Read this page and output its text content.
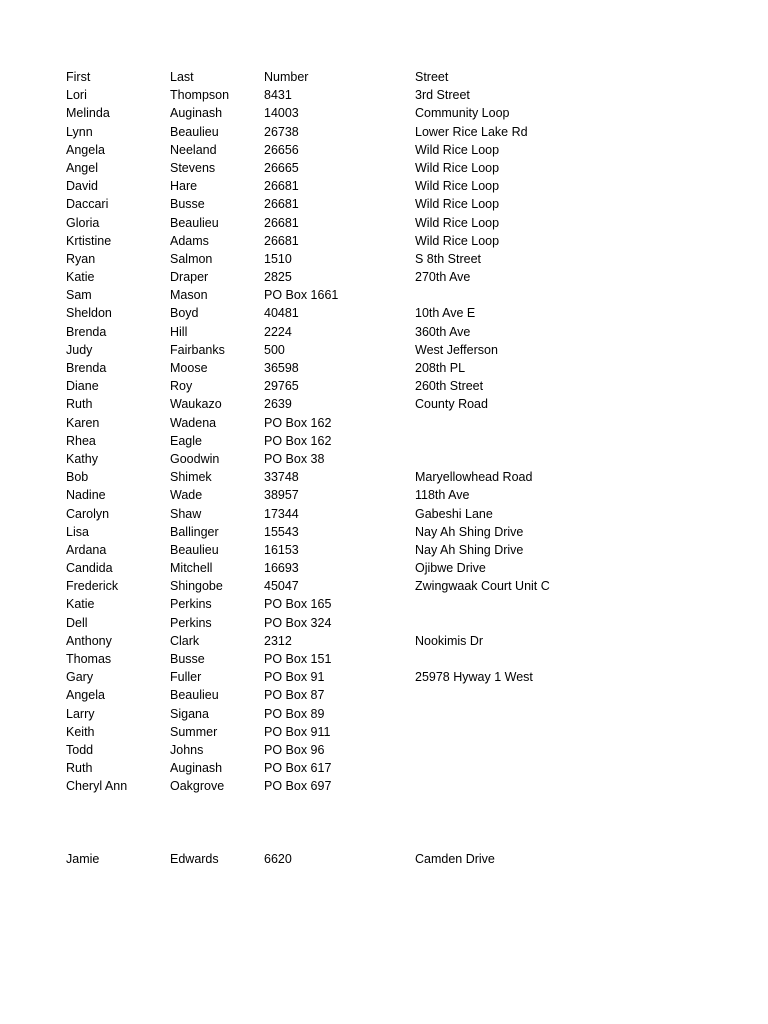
First	Last	Number	Street
Lori	Thompson	8431	3rd Street
Melinda	Auginash	14003	Community Loop
Lynn	Beaulieu	26738	Lower Rice Lake Rd
Angela	Neeland	26656	Wild Rice Loop
Angel	Stevens	26665	Wild Rice Loop
David	Hare	26681	Wild Rice Loop
Daccari	Busse	26681	Wild Rice Loop
Gloria	Beaulieu	26681	Wild Rice Loop
Krtistine	Adams	26681	Wild Rice Loop
Ryan	Salmon	1510	S 8th Street
Katie	Draper	2825	270th Ave
Sam	Mason	PO Box 1661
Sheldon	Boyd	40481	10th Ave E
Brenda	Hill	2224	360th Ave
Judy	Fairbanks	500	West Jefferson
Brenda	Moose	36598	208th PL
Diane	Roy	29765	260th Street
Ruth	Waukazo	2639	County Road
Karen	Wadena	PO Box 162
Rhea	Eagle	PO Box 162
Kathy	Goodwin	PO Box 38
Bob	Shimek	33748	Maryellowhead Road
Nadine	Wade	38957	118th Ave
Carolyn	Shaw	17344	Gabeshi Lane
Lisa	Ballinger	15543	Nay Ah Shing Drive
Ardana	Beaulieu	16153	Nay Ah Shing Drive
Candida	Mitchell	16693	Ojibwe Drive
Frederick	Shingobe	45047	Zwingwaak Court Unit C
Katie	Perkins	PO Box 165
Dell	Perkins	PO Box 324
Anthony	Clark	2312	Nookimis Dr
Thomas	Busse	PO Box 151
Gary	Fuller	PO Box 91	25978 Hyway 1 West
Angela	Beaulieu	PO Box 87
Larry	Sigana	PO Box 89
Keith	Summer	PO Box 911
Todd	Johns	PO Box 96
Ruth	Auginash	PO Box 617
Cheryl Ann	Oakgrove	PO Box 697
Jamie	Edwards	6620	Camden Drive
